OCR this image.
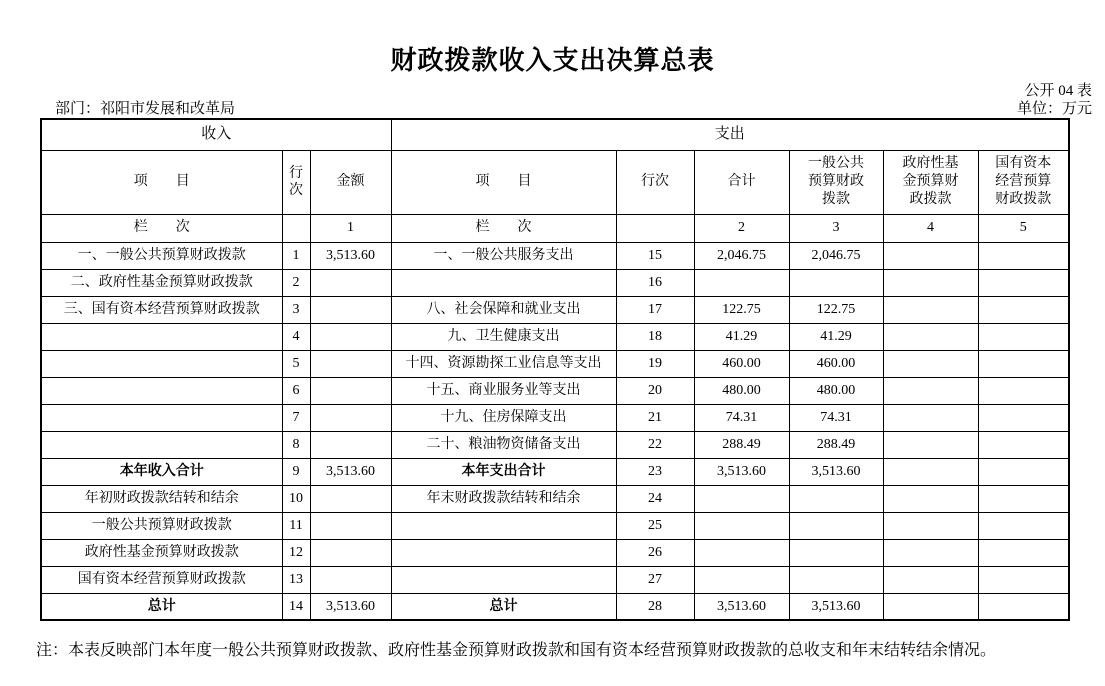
财政拨款收入支出决算总表
公开 04 表
单位：万元
部门：祁阳市发展和改革局
收入			支出					
项　　目	行次	金额	项　　目	行次	合计	一般公共预算财政拨款	政府性基金预算财政拨款	国有资本经营预算财政拨款
栏　　次		1	栏　　次		2	3	4	5
一、一般公共预算财政拨款	1	3,513.60	一、一般公共服务支出	15	2,046.75	2,046.75		
二、政府性基金预算财政拨款	2			16				
三、国有资本经营预算财政拨款	3		八、社会保障和就业支出	17	122.75	122.75		
	4		九、卫生健康支出	18	41.29	41.29		
	5		十四、资源勘探工业信息等支出	19	460.00	460.00		
	6		十五、商业服务业等支出	20	480.00	480.00		
	7		十九、住房保障支出	21	74.31	74.31		
	8		二十、粮油物资储备支出	22	288.49	288.49		
本年收入合计	9	3,513.60	本年支出合计	23	3,513.60	3,513.60		
年初财政拨款结转和结余	10		年末财政拨款结转和结余	24				
一般公共预算财政拨款	11			25				
政府性基金预算财政拨款	12			26				
国有资本经营预算财政拨款	13			27				
总计	14	3,513.60	总计	28	3,513.60	3,513.60		
注：本表反映部门本年度一般公共预算财政拨款、政府性基金预算财政拨款和国有资本经营预算财政拨款的总收支和年末结转结余情况。
